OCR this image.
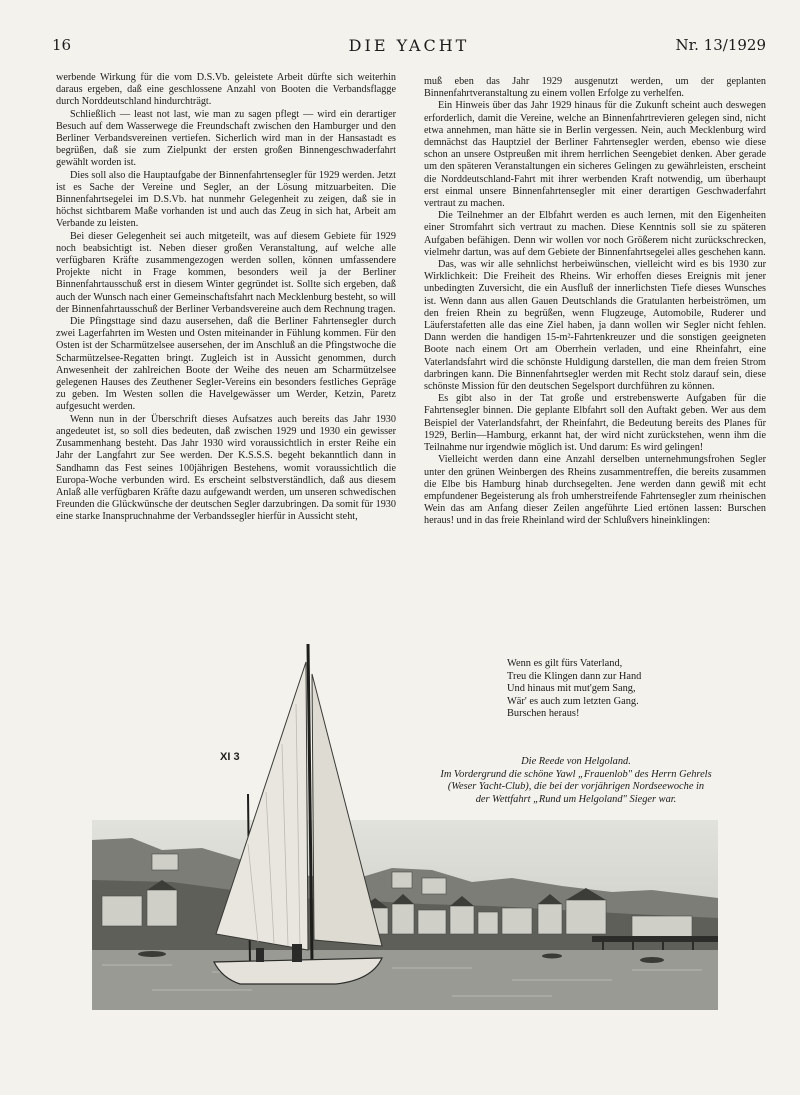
16	DIE YACHT	Nr. 13/1929

werbende Wirkung für die vom D.S.Vb. geleistete Arbeit dürfte sich weiterhin daraus ergeben, daß eine geschlossene Anzahl von Booten die Verbandsflagge durch Norddeutschland hindurchträgt.

Schließlich — least not last, wie man zu sagen pflegt — wird ein derartiger Besuch auf dem Wasserwege die Freundschaft zwischen den Hamburger und den Berliner Verbandsvereinen vertiefen. Sicherlich wird man in der Hansastadt es begrüßen, daß sie zum Zielpunkt der ersten großen Binnengeschwaderfahrt gewählt worden ist.

Dies soll also die Hauptaufgabe der Binnenfahrtensegler für 1929 werden. Jetzt ist es Sache der Vereine und Segler, an der Lösung mitzuarbeiten. Die Binnenfahrtsegelei im D.S.Vb. hat nunmehr Gelegenheit zu zeigen, daß sie in höchst sichtbarem Maße vorhanden ist und auch das Zeug in sich hat, Arbeit am Verbande zu leisten.

Bei dieser Gelegenheit sei auch mitgeteilt, was auf diesem Gebiete für 1929 noch beabsichtigt ist. Neben dieser großen Veranstaltung, auf welche alle verfügbaren Kräfte zusammengezogen werden sollen, können umfassendere Projekte nicht in Frage kommen, besonders weil ja der Berliner Binnenfahrtausschuß erst in diesem Winter gegründet ist. Sollte sich ergeben, daß auch der Wunsch nach einer Gemeinschaftsfahrt nach Mecklenburg besteht, so will der Binnenfahrtausschuß der Berliner Verbandsvereine auch dem Rechnung tragen.

Die Pfingsttage sind dazu ausersehen, daß die Berliner Fahrtensegler durch zwei Lagerfahrten im Westen und Osten miteinander in Fühlung kommen. Für den Osten ist der Scharmützelsee ausersehen, der im Anschluß an die Pfingstwoche die Scharmützelsee-Regatten bringt. Zugleich ist in Aussicht genommen, durch Anwesenheit der zahlreichen Boote der Weihe des neuen am Scharmützelsee gelegenen Hauses des Zeuthener Segler-Vereins ein besonders festliches Gepräge zu geben. Im Westen sollen die Havelgewässer um Werder, Ketzin, Paretz aufgesucht werden.

Wenn nun in der Überschrift dieses Aufsatzes auch bereits das Jahr 1930 angedeutet ist, so soll dies bedeuten, daß zwischen 1929 und 1930 ein gewisser Zusammenhang besteht. Das Jahr 1930 wird voraussichtlich in erster Reihe ein Jahr der Langfahrt zur See werden. Der K.S.S.S. begeht bekanntlich dann in Sandhamn das Fest seines 100jährigen Bestehens, womit voraussichtlich die Europa-Woche verbunden wird. Es erscheint selbstverständlich, daß aus diesem Anlaß alle verfügbaren Kräfte dazu aufgewandt werden, um unseren schwedischen Freunden die Glückwünsche der deutschen Segler darzubringen. Da somit für 1930 eine starke Inanspruchnahme der Verbandssegler hierfür in Aussicht steht,

muß eben das Jahr 1929 ausgenutzt werden, um der geplanten Binnenfahrtveranstaltung zu einem vollen Erfolge zu verhelfen.

Ein Hinweis über das Jahr 1929 hinaus für die Zukunft scheint auch deswegen erforderlich, damit die Vereine, welche an Binnenfahrtrevieren gelegen sind, nicht etwa annehmen, man hätte sie in Berlin vergessen. Nein, auch Mecklenburg wird demnächst das Hauptziel der Berliner Fahrtensegler werden, ebenso wie diese schon an unsere Ostpreußen mit ihrem herrlichen Seengebiet denken. Aber gerade um den späteren Veranstaltungen ein sicheres Gelingen zu gewährleisten, erscheint die Norddeutschland-Fahrt mit ihrer werbenden Kraft notwendig, um überhaupt erst einmal unsere Binnenfahrtensegler mit einer derartigen Geschwaderfahrt vertraut zu machen.

Die Teilnehmer an der Elbfahrt werden es auch lernen, mit den Eigenheiten einer Stromfahrt sich vertraut zu machen. Diese Kenntnis soll sie zu späteren Aufgaben befähigen. Denn wir wollen vor noch Größerem nicht zurückschrecken, vielmehr dartun, was auf dem Gebiete der Binnenfahrtsegelei alles geschehen kann.

Das, was wir alle sehnlichst herbeiwünschen, vielleicht wird es bis 1930 zur Wirklichkeit: Die Freiheit des Rheins. Wir erhoffen dieses Ereignis mit jener unbedingten Zuversicht, die ein Ausfluß der innerlichsten Tiefe dieses Wunsches ist. Wenn dann aus allen Gauen Deutschlands die Gratulanten herbeiströmen, um den freien Rhein zu begrüßen, wenn Flugzeuge, Automobile, Ruderer und Läuferstafetten alle das eine Ziel haben, ja dann wollen wir Segler nicht fehlen. Dann werden die handigen 15-m²-Fahrtenkreuzer und die sonstigen geeigneten Boote nach einem Ort am Oberrhein verladen, und eine Rheinfahrt, eine Vaterlandsfahrt wird die schönste Huldigung darstellen, die man dem freien Strom darbringen kann. Die Binnenfahrtsegler werden mit Recht stolz darauf sein, diese schönste Mission für den deutschen Segelsport durchführen zu können.

Es gibt also in der Tat große und erstrebenswerte Aufgaben für die Fahrtensegler binnen. Die geplante Elbfahrt soll den Auftakt geben. Wer aus dem Beispiel der Vaterlandsfahrt, der Rheinfahrt, die Bedeutung bereits des Planes für 1929, Berlin—Hamburg, erkannt hat, der wird nicht zurückstehen, wenn ihm die Teilnahme nur irgendwie möglich ist. Und darum: Es wird gelingen!

Vielleicht werden dann eine Anzahl derselben unternehmungsfrohen Segler unter den grünen Weinbergen des Rheins zusammentreffen, die bereits zusammen die Elbe bis Hamburg hinab durchsegelten. Jene werden dann gewiß mit echt empfundener Begeisterung als froh umherstreifende Fahrtensegler zum rheinischen Wein das am Anfang dieser Zeilen angeführte Lied ertönen lassen: Burschen heraus! und in das freie Rheinland wird der Schlußvers hineinklingen:

Wenn es gilt fürs Vaterland,
Treu die Klingen dann zur Hand
Und hinaus mit mut'gem Sang,
Wär' es auch zum letzten Gang.
Burschen heraus!
Die Reede von Helgoland.
Im Vordergrund die schöne Yawl „Frauenlob" des Herrn Gehrels
(Weser Yacht-Club), die bei der vorjährigen Nordseewoche in
der Wettfahrt „Rund um Helgoland" Sieger war.
XI 3
